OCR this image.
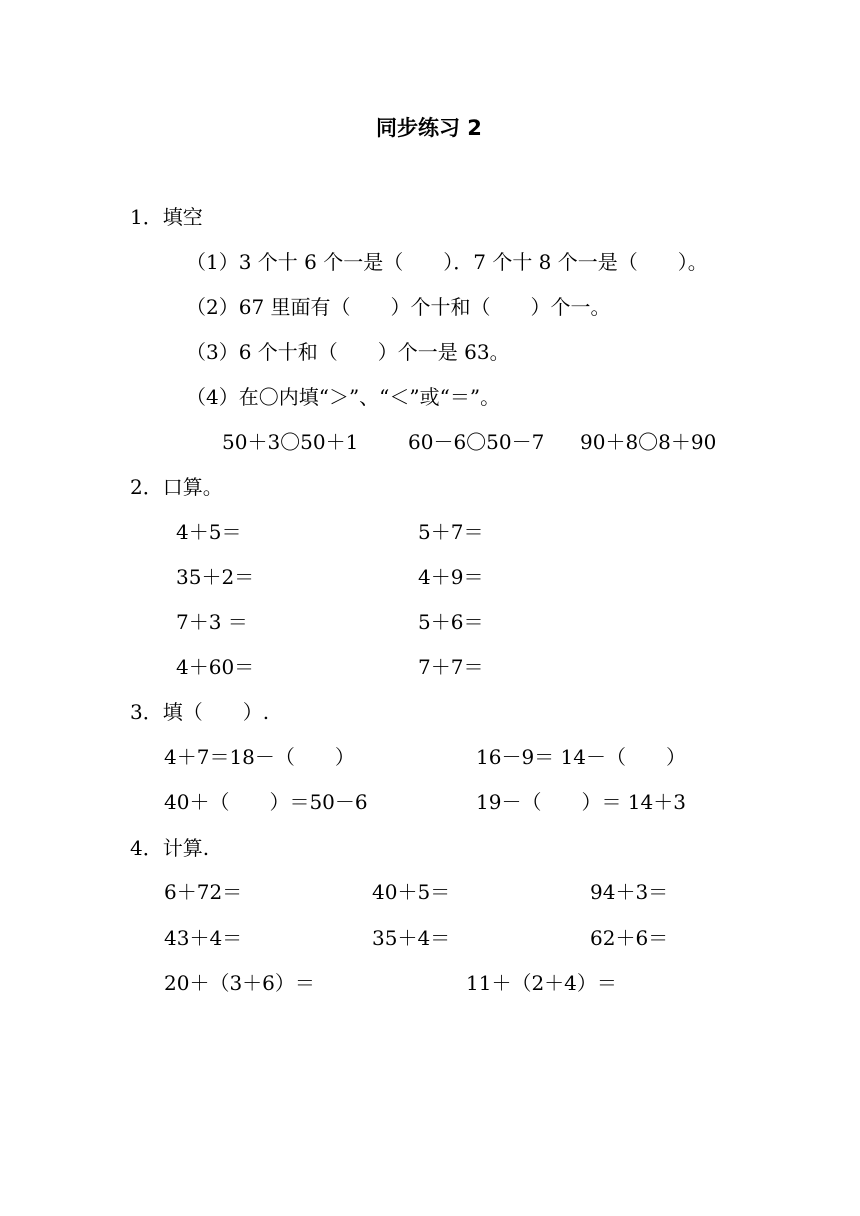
同步练习 2
1．填空
（1）3 个十 6 个一是（　　）．7 个十 8 个一是（　　）。
（2）67 里面有（　　）个十和（　　）个一。
（3）6 个十和（　　）个一是 63。
（4）在〇内填“＞”、“＜”或“＝”。
50＋3〇50＋1 60－6〇50－7 90＋8〇8＋90
2．口算。
4＋5＝	5＋7＝
35＋2＝	4＋9＝
7＋3 ＝	5＋6＝
4＋60＝	7＋7＝
3．填（　　）.
4＋7＝18－（　　）	16－9＝ 14－（　　）
40＋（　　）＝50－6	19－（　　）＝ 14＋3
4．计算.
6＋72＝	40＋5＝	94＋3＝
43＋4＝	35＋4＝	62＋6＝
20＋（3＋6）＝	11＋（2＋4）＝
